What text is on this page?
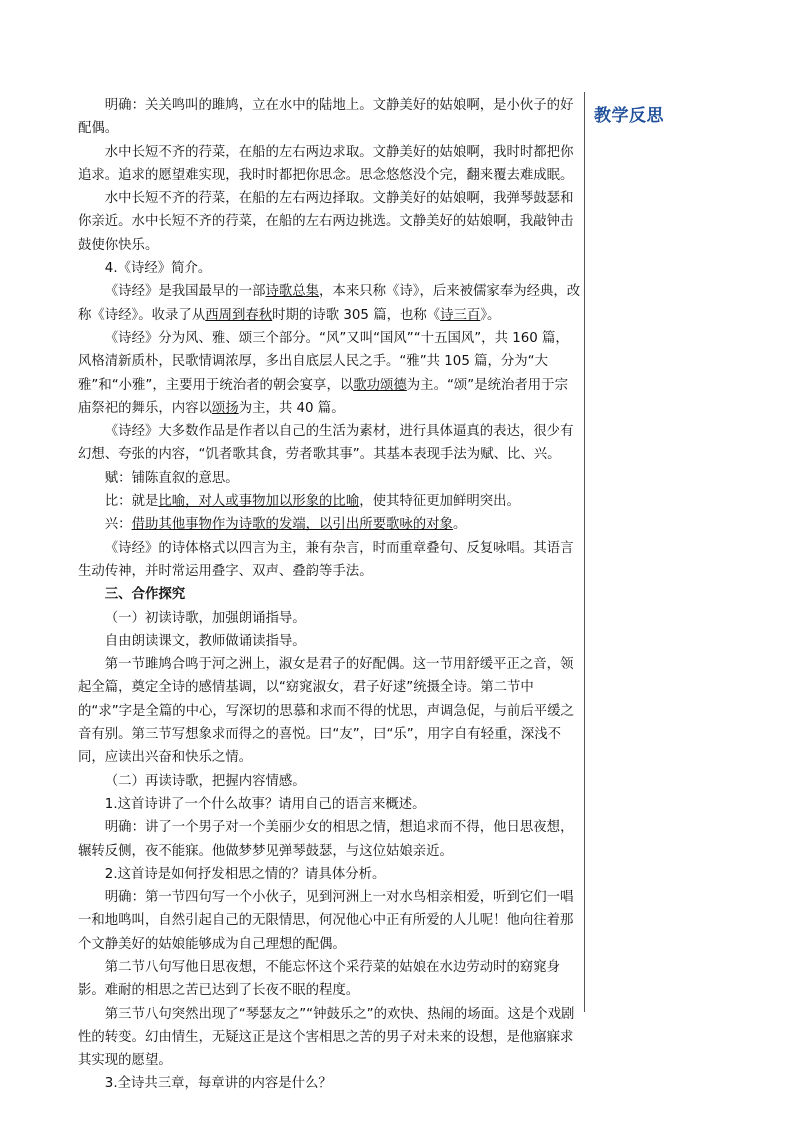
教学反思

明确：关关鸣叫的雎鸠，立在水中的陆地上。文静美好的姑娘啊，是小伙子的好配偶。

水中长短不齐的荇菜，在船的左右两边求取。文静美好的姑娘啊，我时时都把你追求。追求的愿望难实现，我时时都把你思念。思念悠悠没个完，翻来覆去难成眠。

水中长短不齐的荇菜，在船的左右两边择取。文静美好的姑娘啊，我弹琴鼓瑟和你亲近。水中长短不齐的荇菜，在船的左右两边挑选。文静美好的姑娘啊，我敲钟击鼓使你快乐。

4.《诗经》简介。

《诗经》是我国最早的一部诗歌总集，本来只称《诗》，后来被儒家奉为经典，改称《诗经》。收录了从西周到春秋时期的诗歌 305 篇，也称《诗三百》。

《诗经》分为风、雅、颂三个部分。“风”又叫“国风”“十五国风”，共 160 篇，风格清新质朴，民歌情调浓厚，多出自底层人民之手。“雅”共 105 篇，分为“大雅”和“小雅”，主要用于统治者的朝会宴享，以歌功颂德为主。“颂”是统治者用于宗庙祭祀的舞乐，内容以颂扬为主，共 40 篇。

《诗经》大多数作品是作者以自己的生活为素材，进行具体逼真的表达，很少有幻想、夸张的内容，“饥者歌其食，劳者歌其事”。其基本表现手法为赋、比、兴。

赋：铺陈直叙的意思。

比：就是比喻，对人或事物加以形象的比喻，使其特征更加鲜明突出。

兴：借助其他事物作为诗歌的发端，以引出所要歌咏的对象。

《诗经》的诗体格式以四言为主，兼有杂言，时而重章叠句、反复咏唱。其语言生动传神，并时常运用叠字、双声、叠韵等手法。

三、合作探究

（一）初读诗歌，加强朗诵指导。

自由朗读课文，教师做诵读指导。

第一节雎鸠合鸣于河之洲上，淑女是君子的好配偶。这一节用舒缓平正之音，领起全篇，奠定全诗的感情基调，以“窈窕淑女，君子好逑”统摄全诗。第二节中的“求”字是全篇的中心，写深切的思慕和求而不得的忧思，声调急促，与前后平缓之音有别。第三节写想象求而得之的喜悦。曰“友”，曰“乐”，用字自有轻重，深浅不同，应读出兴奋和快乐之情。

（二）再读诗歌，把握内容情感。

1.这首诗讲了一个什么故事？请用自己的语言来概述。

明确：讲了一个男子对一个美丽少女的相思之情，想追求而不得，他日思夜想，辗转反侧，夜不能寐。他做梦梦见弹琴鼓瑟，与这位姑娘亲近。

2.这首诗是如何抒发相思之情的？请具体分析。

明确：第一节四句写一个小伙子，见到河洲上一对水鸟相亲相爱，听到它们一唱一和地鸣叫，自然引起自己的无限情思，何况他心中正有所爱的人儿呢！他向往着那个文静美好的姑娘能够成为自己理想的配偶。

第二节八句写他日思夜想，不能忘怀这个采荇菜的姑娘在水边劳动时的窈窕身影。难耐的相思之苦已达到了长夜不眠的程度。

第三节八句突然出现了“琴瑟友之”“钟鼓乐之”的欢快、热闹的场面。这是个戏剧性的转变。幻由情生，无疑这正是这个害相思之苦的男子对未来的设想，是他寤寐求其实现的愿望。

3.全诗共三章，每章讲的内容是什么？
